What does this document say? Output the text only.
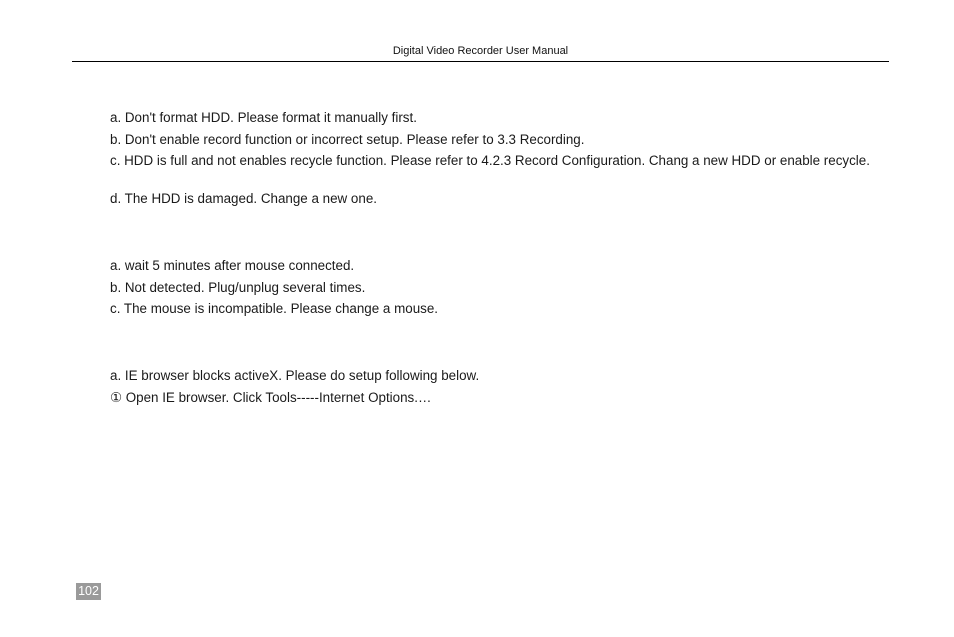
Digital Video Recorder User Manual
a. Don't format HDD. Please format it manually first.
b. Don't enable record function or incorrect setup. Please refer to 3.3 Recording.
c. HDD is full and not enables recycle function. Please refer to 4.2.3 Record Configuration. Chang a new HDD or enable recycle.
d. The HDD is damaged. Change a new one.
a. wait 5 minutes after mouse connected.
b. Not detected. Plug/unplug several times.
c. The mouse is incompatible. Please change a mouse.
a. IE browser blocks activeX. Please do setup following below.
① Open IE browser. Click Tools-----Internet Options.…
102
